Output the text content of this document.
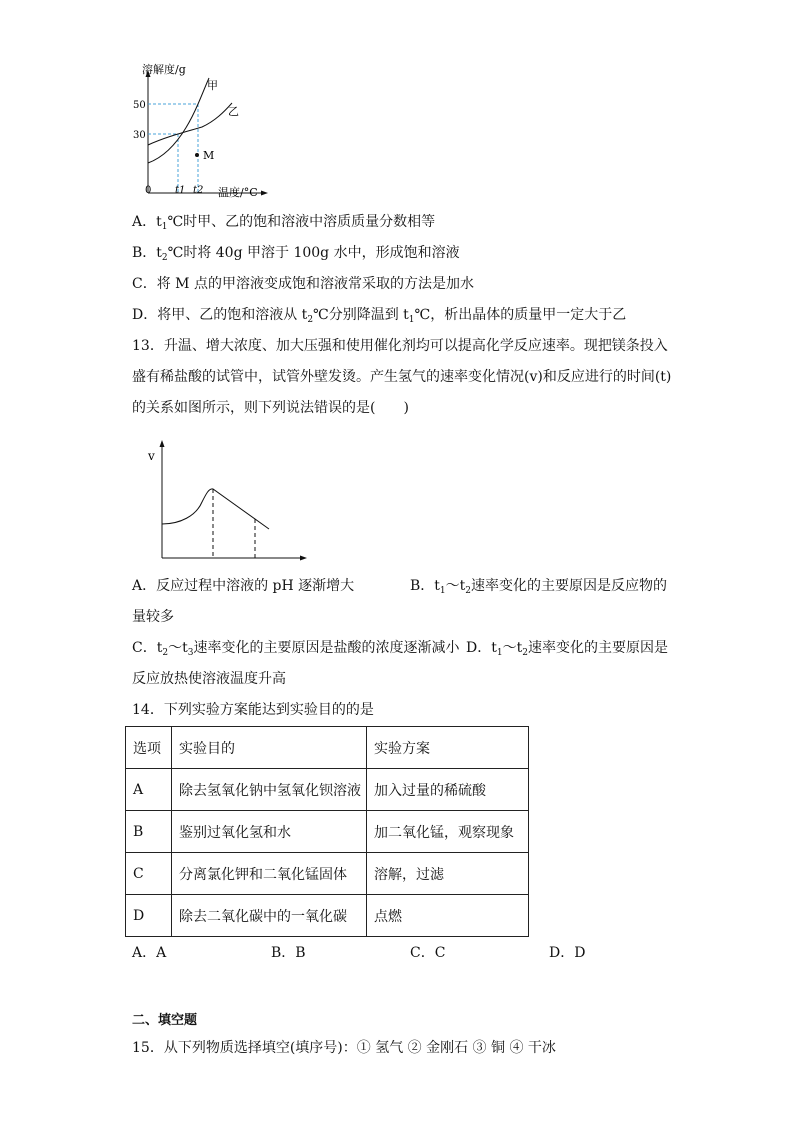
溶解度/g
温度/°C
0
50
30
甲
乙
M
t1 t2
A．$t_1℃$时甲、乙的饱和溶液中溶质质量分数相等
B．$t_2℃$时将 40g 甲溶于 100g 水中，形成饱和溶液
C．将 M 点的甲溶液变成饱和溶液常采取的方法是加水
D．将甲、乙的饱和溶液从 $t_2℃$分别降温到 $t_1℃$，析出晶体的质量甲一定大于乙
13．升温、增大浓度、加大压强和使用催化剂均可以提高化学反应速率。现把镁条投入
盛有稀盐酸的试管中，试管外壁发烫。产生氢气的速率变化情况(v)和反应进行的时间(t)
的关系如图所示，则下列说法错误的是(　　)
v
A．反应过程中溶液的 pH 逐渐增大	B．$t_1\sim t_2$速率变化的主要原因是反应物的
量较多
C．$t_2\sim t_3$速率变化的主要原因是盐酸的浓度逐渐减小 D．$t_1\sim t_2$速率变化的主要原因是
反应放热使溶液温度升高
14．下列实验方案能达到实验目的的是
选项	实验目的	实验方案
A	除去氢氧化钠中氢氧化钡溶液	加入过量的稀硫酸
B	鉴别过氧化氢和水	加二氧化锰，观察现象
C	分离氯化钾和二氧化锰固体	溶解，过滤
D	除去二氧化碳中的一氧化碳	点燃
A．A	B．B	C．C	D．D
二、填空题
15．从下列物质选择填空(填序号)：① 氢气 ② 金刚石 ③ 铜 ④ 干冰
